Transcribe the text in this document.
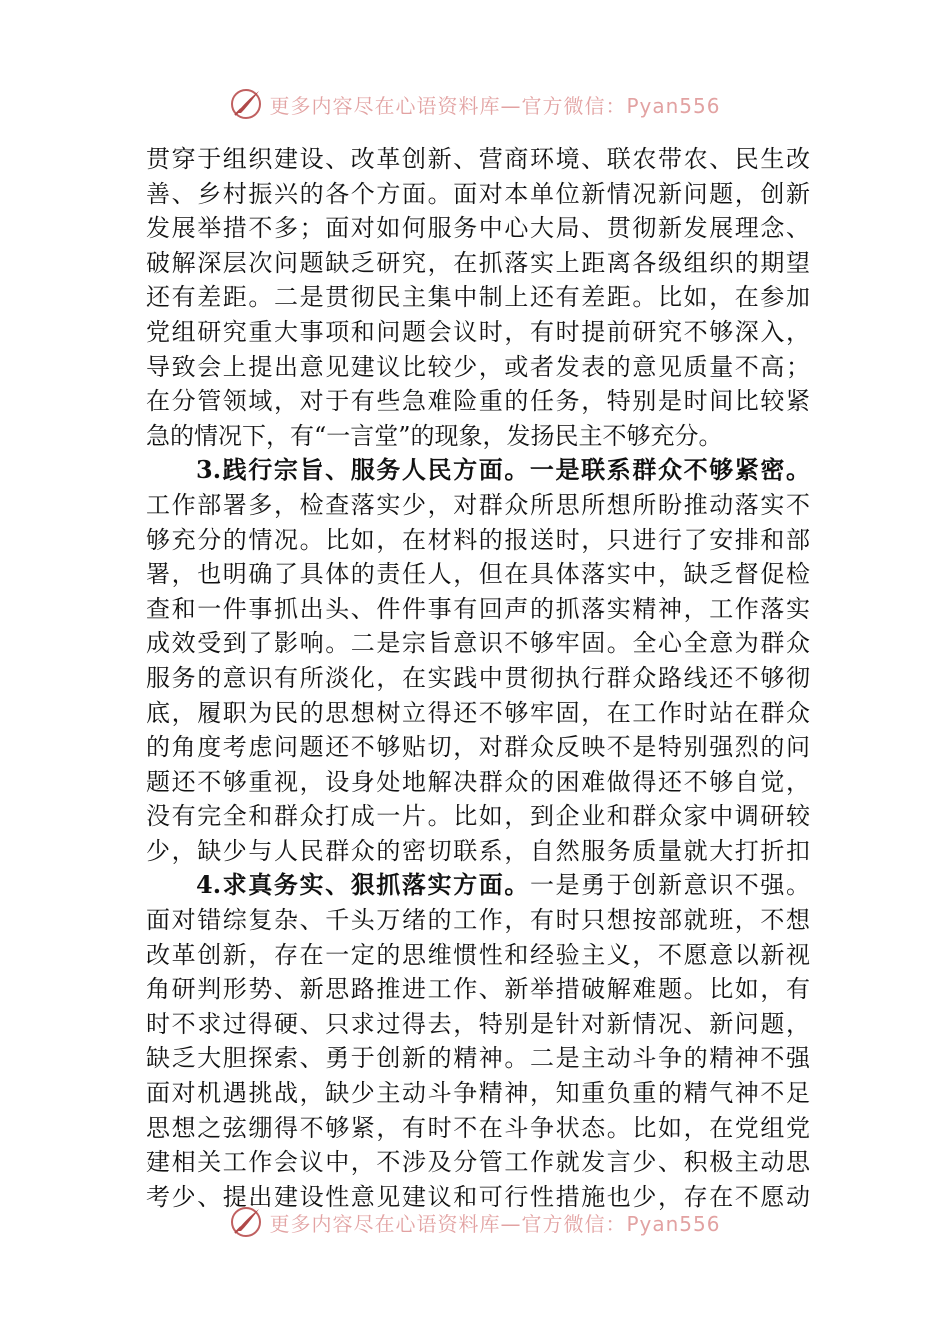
更多内容尽在心语资料库—官方微信：Pyan556
贯穿于组织建设、改革创新、营商环境、联农带农、民生改
善、乡村振兴的各个方面。面对本单位新情况新问题，创新
发展举措不多；面对如何服务中心大局、贯彻新发展理念、
破解深层次问题缺乏研究，在抓落实上距离各级组织的期望
还有差距。二是贯彻民主集中制上还有差距。比如，在参加
党组研究重大事项和问题会议时，有时提前研究不够深入，
导致会上提出意见建议比较少，或者发表的意见质量不高；
在分管领域，对于有些急难险重的任务，特别是时间比较紧
急的情况下，有“一言堂”的现象，发扬民主不够充分。
3.践行宗旨、服务人民方面。一是联系群众不够紧密。
工作部署多，检查落实少，对群众所思所想所盼推动落实不
够充分的情况。比如，在材料的报送时，只进行了安排和部
署，也明确了具体的责任人，但在具体落实中，缺乏督促检
查和一件事抓出头、件件事有回声的抓落实精神，工作落实
成效受到了影响。二是宗旨意识不够牢固。全心全意为群众
服务的意识有所淡化，在实践中贯彻执行群众路线还不够彻
底，履职为民的思想树立得还不够牢固，在工作时站在群众
的角度考虑问题还不够贴切，对群众反映不是特别强烈的问
题还不够重视，设身处地解决群众的困难做得还不够自觉，
没有完全和群众打成一片。比如，到企业和群众家中调研较
少，缺少与人民群众的密切联系，自然服务质量就大打折扣
4.求真务实、狠抓落实方面。一是勇于创新意识不强。
面对错综复杂、千头万绪的工作，有时只想按部就班，不想
改革创新，存在一定的思维惯性和经验主义，不愿意以新视
角研判形势、新思路推进工作、新举措破解难题。比如，有
时不求过得硬、只求过得去，特别是针对新情况、新问题，
缺乏大胆探索、勇于创新的精神。二是主动斗争的精神不强
面对机遇挑战，缺少主动斗争精神，知重负重的精气神不足
思想之弦绷得不够紧，有时不在斗争状态。比如，在党组党
建相关工作会议中，不涉及分管工作就发言少、积极主动思
考少、提出建设性意见建议和可行性措施也少，存在不愿动
更多内容尽在心语资料库—官方微信：Pyan556
